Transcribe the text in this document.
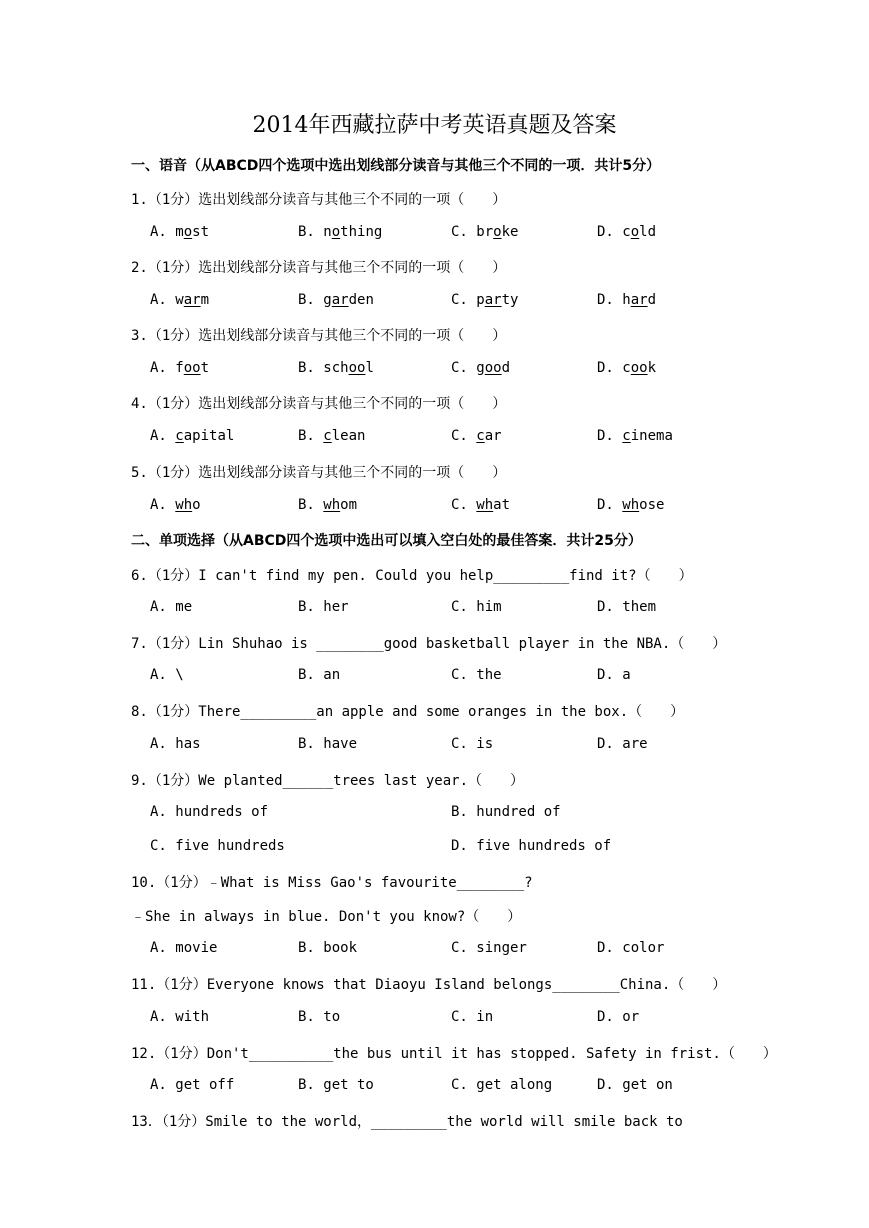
2014年西藏拉萨中考英语真题及答案
一、语音（从ABCD四个选项中选出划线部分读音与其他三个不同的一项．共计5分）
1.（1分）选出划线部分读音与其他三个不同的一项（　　）
A. most	B. nothing	C. broke	D. cold
2.（1分）选出划线部分读音与其他三个不同的一项（　　）
A. warm	B. garden	C. party	D. hard
3.（1分）选出划线部分读音与其他三个不同的一项（　　）
A. foot	B. school	C. good	D. cook
4.（1分）选出划线部分读音与其他三个不同的一项（　　）
A. capital	B. clean	C. car	D. cinema
5.（1分）选出划线部分读音与其他三个不同的一项（　　）
A. who	B. whom	C. what	D. whose
二、单项选择（从ABCD四个选项中选出可以填入空白处的最佳答案．共计25分）
6.（1分）I can't find my pen. Could you help_________find it?（　　）
A. me	B. her	C. him	D. them
7.（1分）Lin Shuhao is ________good basketball player in the NBA.（　　）
A. \	B. an	C. the	D. a
8.（1分）There_________an apple and some oranges in the box.（　　）
A. has	B. have	C. is	D. are
9.（1分）We planted______trees last year.（　　）
A. hundreds of	B. hundred of
C. five hundreds	D. five hundreds of
10.（1分）﹣What is Miss Gao's favourite________?
﹣She in always in blue. Don't you know?（　　）
A. movie	B. book	C. singer	D. color
11.（1分）Everyone knows that Diaoyu Island belongs________China.（　　）
A. with	B. to	C. in	D. or
12.（1分）Don't__________the bus until it has stopped. Safety in frist.（　　）
A. get off	B. get to	C. get along	D. get on
13．（1分）Smile to the world，_________the world will smile back to
